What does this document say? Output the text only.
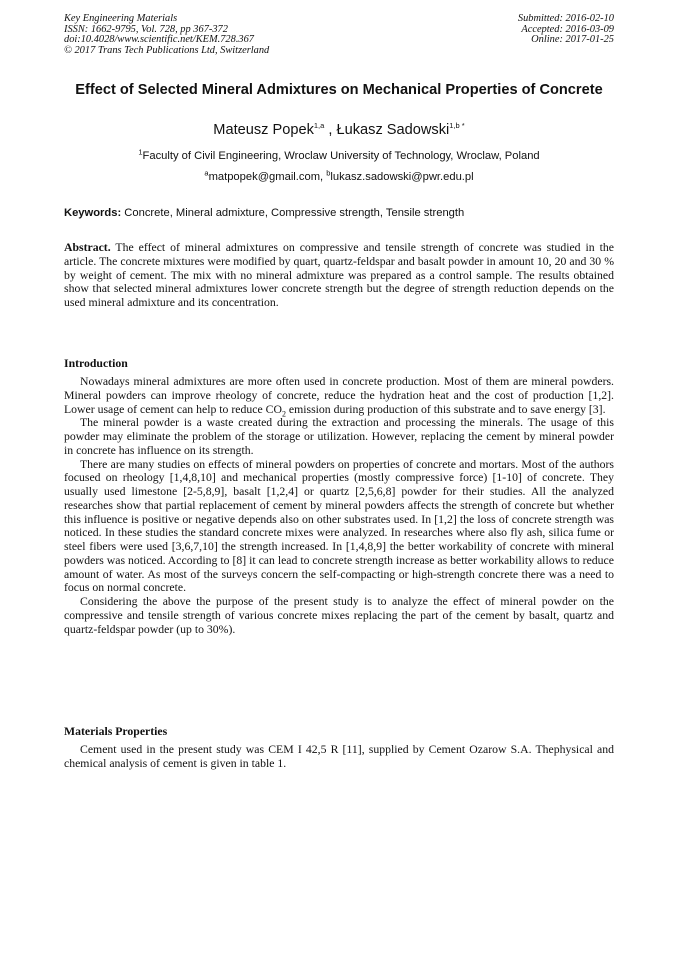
Key Engineering Materials
ISSN: 1662-9795, Vol. 728, pp 367-372
doi:10.4028/www.scientific.net/KEM.728.367
© 2017 Trans Tech Publications Ltd, Switzerland
Submitted: 2016-02-10
Accepted: 2016-03-09
Online: 2017-01-25
Effect of Selected Mineral Admixtures on Mechanical Properties of Concrete
Mateusz Popek$^{1,a}$ , Łukasz Sadowski$^{1,b *}$
$^1$Faculty of Civil Engineering, Wroclaw University of Technology, Wroclaw, Poland
$^a$matpopek@gmail.com, $^b$lukasz.sadowski@pwr.edu.pl
Keywords: Concrete, Mineral admixture, Compressive strength, Tensile strength
Abstract. The effect of mineral admixtures on compressive and tensile strength of concrete was studied in the article. The concrete mixtures were modified by quart, quartz-feldspar and basalt powder in amount 10, 20 and 30 % by weight of cement. The mix with no mineral admixture was prepared as a control sample. The results obtained show that selected mineral admixtures lower concrete strength but the degree of strength reduction depends on the used mineral admixture and its concentration.
Introduction

Nowadays mineral admixtures are more often used in concrete production. Most of them are mineral powders. Mineral powders can improve rheology of concrete, reduce the hydration heat and the cost of production [1,2]. Lower usage of cement can help to reduce $CO_2$ emission during production of this substrate and to save energy [3].

The mineral powder is a waste created during the extraction and processing the minerals. The usage of this powder may eliminate the problem of the storage or utilization. However, replacing the cement by mineral powder in concrete has influence on its strength.

There are many studies on effects of mineral powders on properties of concrete and mortars. Most of the authors focused on rheology [1,4,8,10] and mechanical properties (mostly compressive force) [1-10] of concrete. They usually used limestone [2-5,8,9], basalt [1,2,4] or quartz [2,5,6,8] powder for their studies. All the analyzed researches show that partial replacement of cement by mineral powders affects the strength of concrete but whether this influence is positive or negative depends also on other substrates used. In [1,2] the loss of concrete strength was noticed. In these studies the standard concrete mixes were analyzed. In researches where also fly ash, silica fume or steel fibers were used [3,6,7,10] the strength increased. In [1,4,8,9] the better workability of concrete with mineral powders was noticed. According to [8] it can lead to concrete strength increase as better workability allows to reduce amount of water. As most of the surveys concern the self-compacting or high-strength concrete there was a need to focus on normal concrete.

Considering the above the purpose of the present study is to analyze the effect of mineral powder on the compressive and tensile strength of various concrete mixes replacing the part of the cement by basalt, quartz and quartz-feldspar powder (up to 30%).

Materials Properties

Cement used in the present study was CEM I 42,5 R [11], supplied by Cement Ozarow S.A. Thephysical and chemical analysis of cement is given in table 1.
